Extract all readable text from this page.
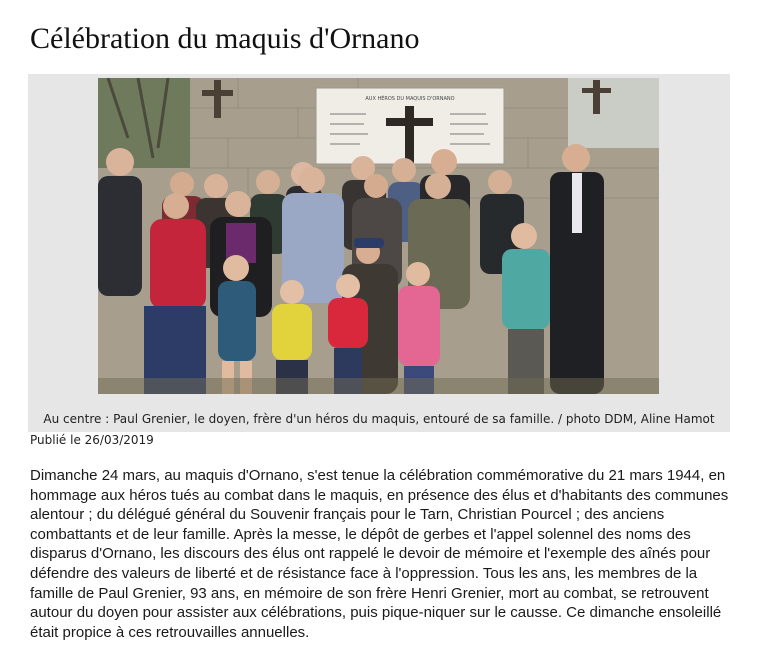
Célébration du maquis d'Ornano
AUX HÉROS DU MAQUIS D'ORNANO
Au centre : Paul Grenier, le doyen, frère d'un héros du maquis, entouré de sa famille. / photo DDM, Aline Hamot
Publié le 26/03/2019

Dimanche 24 mars, au maquis d'Ornano, s'est tenue la célébration commémorative du 21 mars 1944, en hommage aux héros tués au combat dans le maquis, en présence des élus et d'habitants des communes alentour ; du délégué général du Souvenir français pour le Tarn, Christian Pourcel ; des anciens combattants et de leur famille. Après la messe, le dépôt de gerbes et l'appel solennel des noms des disparus d'Ornano, les discours des élus ont rappelé le devoir de mémoire et l'exemple des aînés pour défendre des valeurs de liberté et de résistance face à l'oppression. Tous les ans, les membres de la famille de Paul Grenier, 93 ans, en mémoire de son frère Henri Grenier, mort au combat, se retrouvent autour du doyen pour assister aux célébrations, puis pique-niquer sur le causse. Ce dimanche ensoleillé était propice à ces retrouvailles annuelles.
